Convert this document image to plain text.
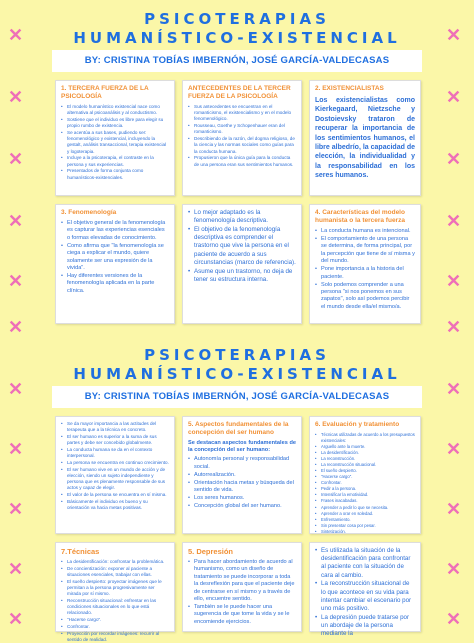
✕	✕
✕	✕
✕	✕
✕	✕
✕	✕
✕	✕
✕	✕
✕	✕
✕	✕
✕	✕
✕	✕
PSICOTERAPIAS
HUMANÍSTICO-EXISTENCIAL
BY: CRISTINA TOBÍAS IMBERNÓN, JOSÉ GARCÍA-VALDECASAS
1. TERCERA FUERZA DE LA PSICOLOGÍA
• El modelo humanístico existencial nace como alternativa al psicoanálisis y al conductismo.
• Sostiene que el individuo es libre para elegir su propio rumbo de existencia.
• Se acentúa a sus bases, pudiendo ser: fenomenológico y existencial, incluyendo la gestalt, análisis transaccional, terapia existencial y logoterapia.
• Incluye a la psicoterapia, el contraste en la persona y sus experiencias.
• Presentados de forma conjunta como humanísticos-existenciales.
ANTECEDENTES DE LA TERCER FUERZA DE LA PSICOLOGÍA
• Sus antecedentes se encuentran en el romanticismo, el existencialismo y en el modelo fenomenológico.
• Rousseau, Goethe y Schopenhauer eran del romanticismo.
• Describiendo de la razón, del dogma religioso, de la ciencia y las normas sociales como guías para la conducta humana.
• Propusieron que la única guía para la conducta de una persona eran sus sentimientos humanos.
2. EXISTENCIALISTAS

Los existencialistas como Kierkegaard, Nietzsche y Dostoievsky trataron de recuperar la importancia de los sentimientos humanos, el libre albedrío, la capacidad de elección, la individualidad y la responsabilidad en los seres humanos.

3. Fenomenología
• El objetivo general de la fenomenología es capturar las experiencias esenciales o formas elevadas de conocimiento.
• Como afirma que "la fenomenología se ciega a explicar el mundo, quiere solamente ser una expresión de la vivida".
• Hay diferentes versiones de la fenomenología aplicada en la parte clínica.
• Lo mejor adaptado es la fenomenología descriptiva.
• El objetivo de la fenomenología descriptiva es comprender el trastorno que vive la persona en el paciente de acuerdo a sus circunstancias (marco de referencia).
• Asume que un trastorno, no deja de tener su estructura interna.
4. Características del modelo humanista o la tercera fuerza
• La conducta humana es intencional.
• El comportamiento de una persona se determina, de forma principal, por la percepción que tiene de sí misma y del mundo.
• Pone importancia a la historia del paciente.
• Solo podemos comprender a una persona "si nos ponemos en sus zapatos", solo así podemos percibir el mundo desde ella/el mismo/a.
PSICOTERAPIAS
HUMANÍSTICO-EXISTENCIAL
BY: CRISTINA TOBÍAS IMBERNÓN, JOSÉ GARCÍA-VALDECASAS
• Se da mayor importancia a las actitudes del terapeuta que a la técnica en concreto.
• El ser humano es superior a la suma de sus partes y debe ser concebido globalmente.
• La conducta humana se da en el contexto interpersonal.
• La persona se encuentra en continuo crecimiento.
• El ser humano vive en un mundo de acción y de elección, siendo un sujeto independiente y persona que es plenamente responsable de sus actos y capaz de elegir.
• El valor de la persona se encuentra en sí misma.
• Básicamente el individuo es bueno y su orientación va hacia metas positivas.
5. Aspectos fundamentales de la concepción del ser humano

Se destacan aspectos fundamentales de la concepción del ser humano:

• Autonomía personal y responsabilidad social.
• Autorrealización.
• Orientación hacia metas y búsqueda del sentido de vida.
• Los seres humanos.
• Concepción global del ser humano.
6. Evaluación y tratamiento
• Técnicas utilizadas de acuerdo a los presupuestos existenciales:
• Arguello ante la muerte.
• La desidentificación.
• La reconstrucción.
• La reconstrucción situacional.
• El sueño despierto.
• "Hacerse cargo".
• Confrontar.
• Pedir a la persona.
• Intensificar la emotividad.
• Frases inacabadas.
• Aprender a pedir lo que se necesita.
• Aprender a orar en soledad.
• Enfrentamiento.
• Sin presentar cosa por pesar.
• Sintetización.
7.Técnicas
• La desidentificación: confrontar la problemática.
• De concientización: exponer al paciente a situaciones esenciales, trabajar con ellas.
• El sueño despierto: proyectar imágenes que le permitan a la persona progresivamente ser mirada por sí mismo.
• Reconstrucción situacional: enfrentar en las condiciones situacionales en lo que está relacionado.
• "Hacerse cargo".
• Confrontar.
• Proyección por recordar imágenes: recurrir al sentido de realidad.
5. Depresión
• Para hacer abordamiento de acuerdo al humanismo, como un diseño de tratamiento se puede incorporar a toda la desreflexión para que el paciente deje de centrarse en sí mismo y a través de ello, encuentre sentido.
• También se le puede hacer una sugerencia de que tome la vida y se le encomiende ejercicios.
• Es utilizada la situación de la desidentificación para confrontar al paciente con la situación de cara al cambio.
• La reconstrucción situacional de lo que acontece en su vida para intentar cambiar el escenario por uno más positivo.
• La depresión puede tratarse por un abordaje de la persona mediante la
